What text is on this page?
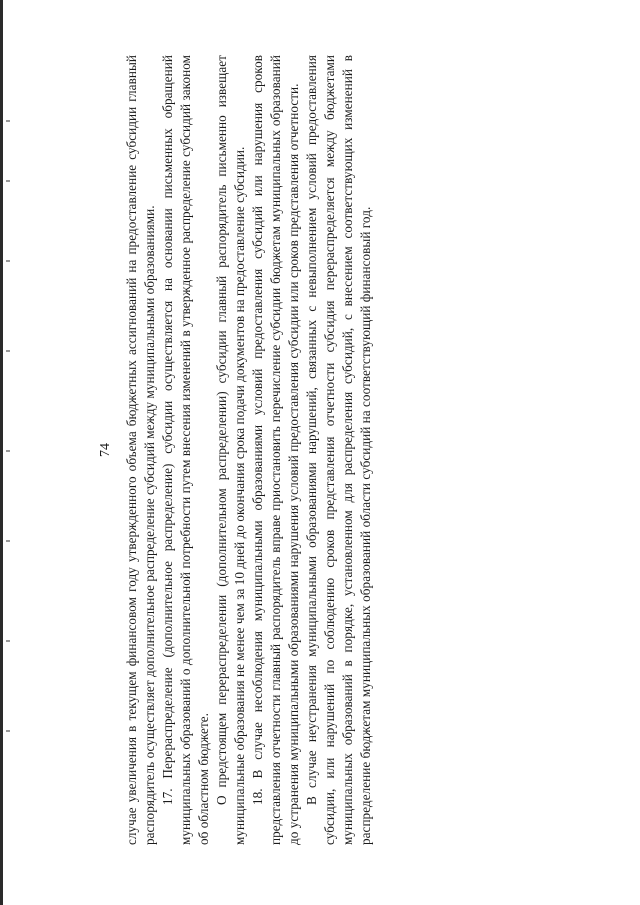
74 случае увеличения в текущем финансовом году утвержденного объема бюджетных ассигнований на предоставление субсидии главный распорядитель осуществляет дополнительное распределение субсидий между муниципальными образованиями. 17. Перераспределение (дополнительное распределение) субсидии осуществляется на основании письменных обращений муниципальных образований о дополнительной потребности путем внесения изменений в утвержденное распределение субсидий законом об областном бюджете. О предстоящем перераспределении (дополнительном распределении) субсидии главный распорядитель письменно извещает муниципальные образования не менее чем за 10 дней до окончания срока подачи документов на предоставление субсидии. 18. В случае несоблюдения муниципальными образованиями условий предоставления субсидий или нарушения сроков представления отчетности главный распорядитель вправе приостановить перечисление субсидии бюджетам муниципальных образований до устранения муниципальными образованиями нарушения условий предоставления субсидии или сроков представления отчетности. В случае неустранения муниципальными образованиями нарушений, связанных с невыполнением условий предоставления субсидии, или нарушений по соблюдению сроков представления отчетности субсидия перераспределяется между бюджетами муниципальных образований в порядке, установленном для распределения субсидий, с внесением соответствующих изменений в распределение бюджетам муниципальных образований области субсидий на соответствующий финансовый год.
